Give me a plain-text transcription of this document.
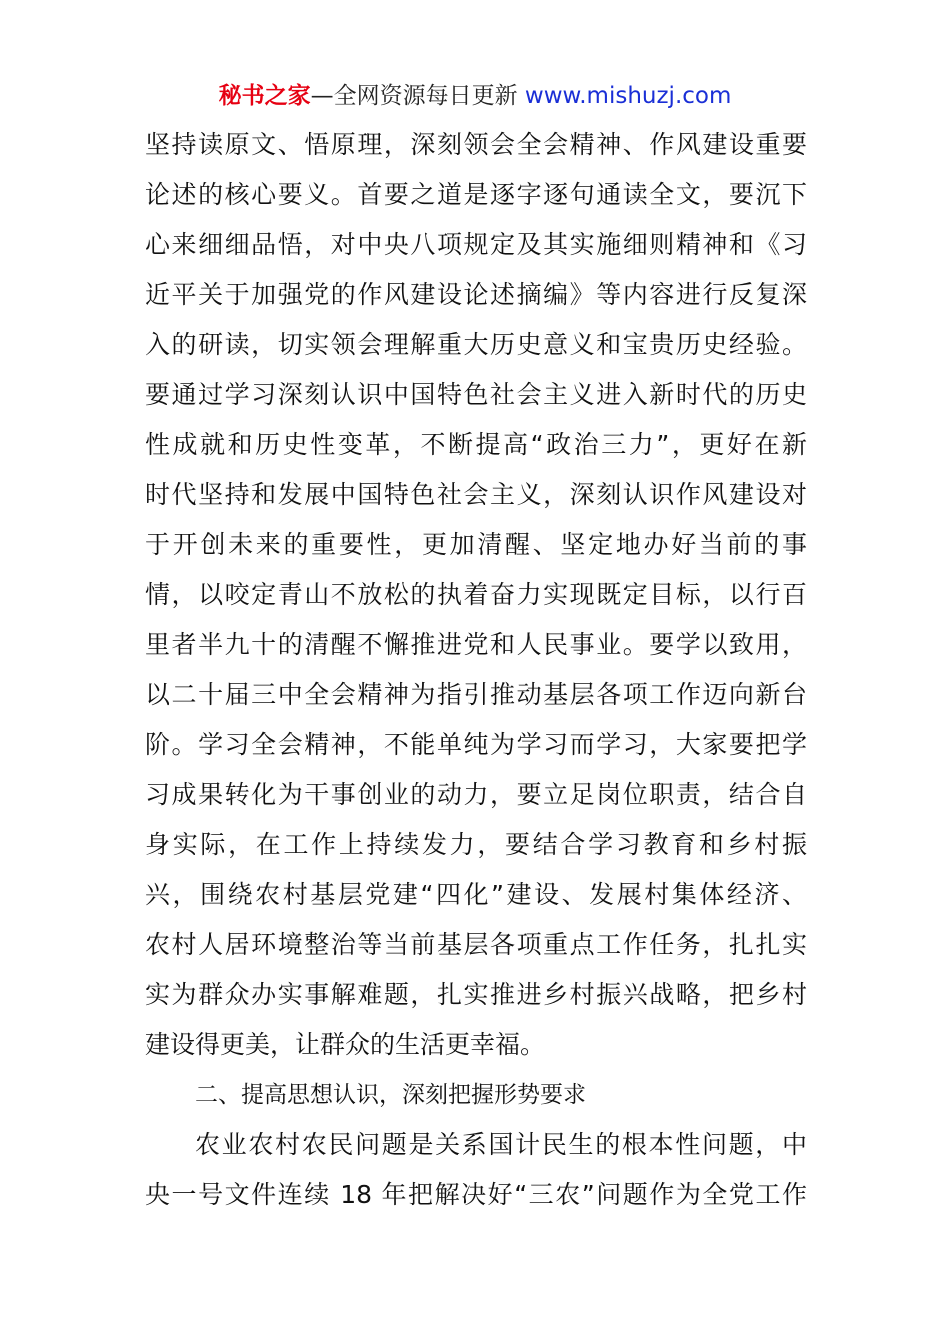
秘书之家—全网资源每日更新 www.mishuzj.com
坚持读原文、悟原理，深刻领会全会精神、作风建设重要
论述的核心要义。首要之道是逐字逐句通读全文，要沉下
心来细细品悟，对中央八项规定及其实施细则精神和《习
近平关于加强党的作风建设论述摘编》等内容进行反复深
入的研读，切实领会理解重大历史意义和宝贵历史经验。
要通过学习深刻认识中国特色社会主义进入新时代的历史
性成就和历史性变革，不断提高“政治三力”，更好在新
时代坚持和发展中国特色社会主义，深刻认识作风建设对
于开创未来的重要性，更加清醒、坚定地办好当前的事
情，以咬定青山不放松的执着奋力实现既定目标，以行百
里者半九十的清醒不懈推进党和人民事业。要学以致用，
以二十届三中全会精神为指引推动基层各项工作迈向新台
阶。学习全会精神，不能单纯为学习而学习，大家要把学
习成果转化为干事创业的动力，要立足岗位职责，结合自
身实际，在工作上持续发力，要结合学习教育和乡村振
兴，围绕农村基层党建“四化”建设、发展村集体经济、
农村人居环境整治等当前基层各项重点工作任务，扎扎实
实为群众办实事解难题，扎实推进乡村振兴战略，把乡村
建设得更美，让群众的生活更幸福。
二、提高思想认识，深刻把握形势要求
农业农村农民问题是关系国计民生的根本性问题，中
央一号文件连续 18 年把解决好“三农”问题作为全党工作
